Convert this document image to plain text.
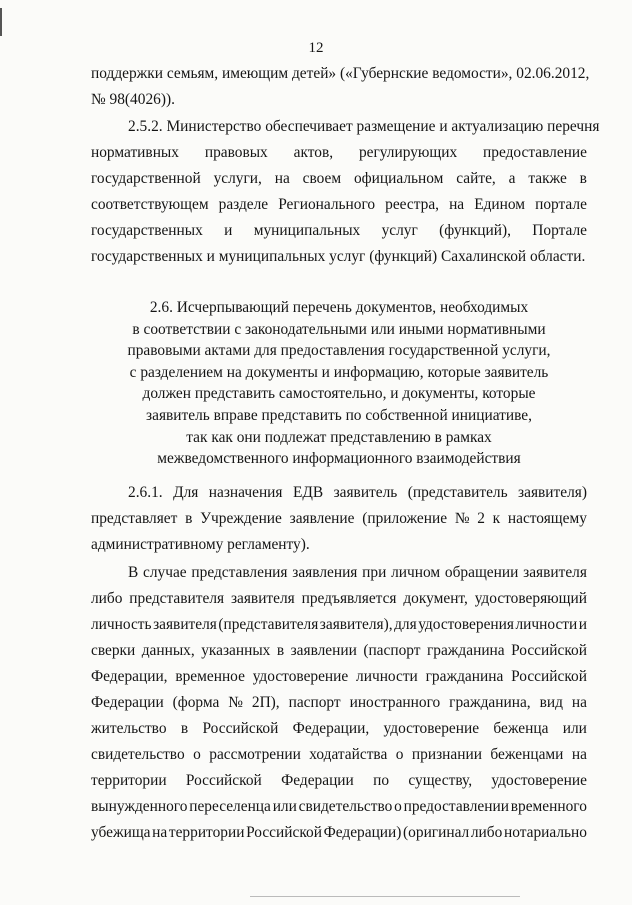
12
поддержки семьям, имеющим детей» («Губернские ведомости», 02.06.2012,
№ 98(4026)).
2.5.2. Министерство обеспечивает размещение и актуализацию перечня
нормативных правовых актов, регулирующих предоставление
государственной услуги, на своем официальном сайте, а также в
соответствующем разделе Регионального реестра, на Едином портале
государственных и муниципальных услуг (функций), Портале
государственных и муниципальных услуг (функций) Сахалинской области.
2.6. Исчерпывающий перечень документов, необходимых
в соответствии с законодательными или иными нормативными
правовыми актами для предоставления государственной услуги,
с разделением на документы и информацию, которые заявитель
должен представить самостоятельно, и документы, которые
заявитель вправе представить по собственной инициативе,
так как они подлежат представлению в рамках
межведомственного информационного взаимодействия
2.6.1. Для назначения ЕДВ заявитель (представитель заявителя)
представляет в Учреждение заявление (приложение № 2 к настоящему
административному регламенту).
В случае представления заявления при личном обращении заявителя
либо представителя заявителя предъявляется документ, удостоверяющий
личность заявителя (представителя заявителя), для удостоверения личности и
сверки данных, указанных в заявлении (паспорт гражданина Российской
Федерации, временное удостоверение личности гражданина Российской
Федерации (форма № 2П), паспорт иностранного гражданина, вид на
жительство в Российской Федерации, удостоверение беженца или
свидетельство о рассмотрении ходатайства о признании беженцами на
территории Российской Федерации по существу, удостоверение
вынужденного переселенца или свидетельство о предоставлении временного
убежища на территории Российской Федерации) (оригинал либо нотариально
